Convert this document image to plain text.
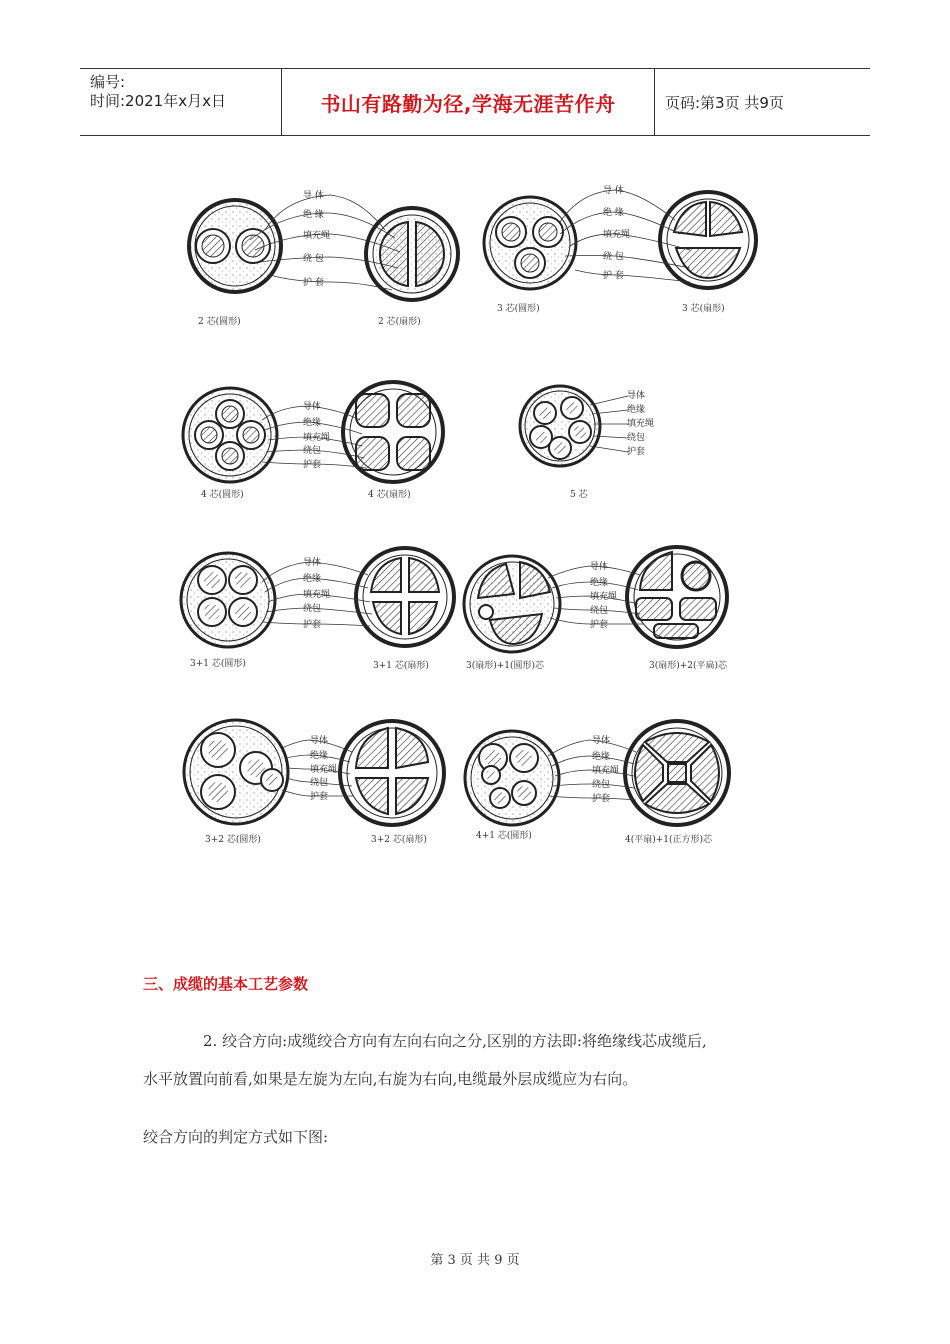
编号:
时间:2021年x月x日	书山有路勤为径,学海无涯苦作舟	页码:第3页 共9页
导 体
绝 缘
填充绳
绕 包
护 套
导 体
绝 缘
填充绳
绕 包
护 套
导体
绝缘
填充绳
绕包
护套
导体
绝缘
填充绳
绕包
护套
导体
绝缘
填充绳
绕包
护套
导体
绝缘
填充绳
绕包
护套
导体
绝缘
填充绳
绕包
护套
导体
绝缘
填充绳
绕包
护套
2 芯(圆形)	2 芯(扇形)
3 芯(圆形)	3 芯(扇形)
4 芯(圆形)	4 芯(扇形)	5 芯
3+1 芯(圆形)	3+1 芯(扇形)	3(扇形)+1(圆形)芯	3(扇形)+2(平扁)芯
3+2 芯(圆形)	3+2 芯(扇形)	4+1 芯(圆形)	4(平扇)+1(正方形)芯
三、成缆的基本工艺参数
2. 绞合方向:成缆绞合方向有左向右向之分,区别的方法即:将绝缘线芯成缆后,
水平放置向前看,如果是左旋为左向,右旋为右向,电缆最外层成缆应为右向。
绞合方向的判定方式如下图:
第 3 页 共 9 页
